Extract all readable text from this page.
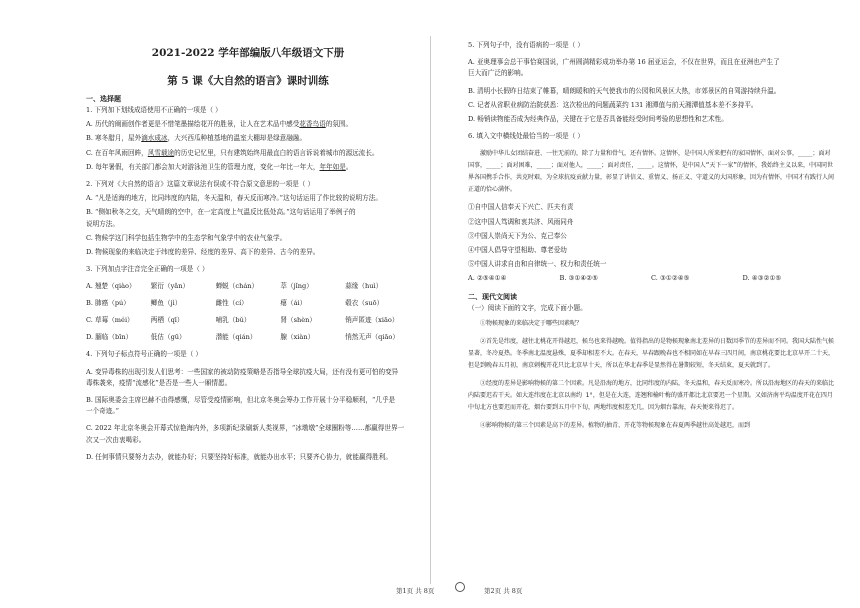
2021-2022 学年部编版八年级语文下册
第 5 课《大自然的语言》课时训练
一、选择题
1. 下列加下划线成语使用不正确的一项是（ ）
A. 历代的阐画创作者更是不惜笔墨描绘花开的胜景，让人在艺术品中感受花香鸟语的氛围。
B. 寒冬腊月，屋外滴水成冰，大兴西瓜种植基地的温室大棚却是绿意融融。
C. 在百年风雨回眸，风雪载途的历史记忆里，只有建筑始终用最直白的语言诉说着城市的源远流长。
D. 每年暑假，有关部门都会加大对游泳池卫生的管理力度，变化一年比一年大，年年如是。
2. 下列对《大自然的语言》这篇文章说法有误或不符合原文意思的一项是（ ）
A. “凡是适海的地方，比同纬度的内陆，冬天温和，春天反而寒冷。”这句话运用了作比较的说明方法。
B. “侧如秋冬之交，天气晴朗的空中，在一定高度上气温反比低处高。”这句话运用了举例子的
说明方法。
C. 物候学这门科学包括生物学中的生态学和气象学中的农业气象学。
D. 物候现象的来临决定于纬度的差异、经度的差异、高下的差异、古今的差异。
3. 下列加点字注音完全正确的一项是（ ）
A. 翘楚（qiào）	繁衍（yǎn）	蝉蜕（chán）	萃（jǐng）	蒜缘（huì）
B. 肺癌（pú）	鲫鱼（jì）	雌性（cí）	瘪（ái）	毂衣（suō）
C. 草莓（méi）	两栖（qī）	哺乳（bǔ）	肾（shèn）	销声匿迹（xiāo）
D. 腼临（bīn）	低估（gū）	潜能（qián）	腺（xiàn）	悄然无声（qiāo）
4. 下列句子标点符号正确的一项是（ ）
A. 变异毒株的出现引发人们思考：一些国家的被动防疫策略是否指导全球抗疫大局，还有没有更可怕的变异
毒株袭来，疫情“流感化”是否是一些人一厢情愿。
B. 国际奥委会主席巴赫不由得感慨，尽管受疫情影响，但北京冬奥会筹办工作开展十分平稳顺利，“几乎是
一个奇迹。”
C. 2022 年北京冬奥会开幕式惊艳海内外，多项新纪录刷新人类视界，“冰墩墩”全球圈粉等……都赢得世界一
次又一次由衷喝彩。
D. 任何事情只要努力去办，就能办好；只要坚持好标准，就能办出水平；只要齐心协力，就能赢得胜利。
5. 下列句子中，没有语病的一项是（ ）
A. 亚奥理事会总干事恰赛国说，广州圆满精彩成功举办第 16 届亚运会，不仅在世界，而且在亚洲也产生了
巨大而广泛的影响。
B. 清明小长假昨日结束了帷幕，晴朗暖和的天气使我市的公园和风景区大热，市郊景区的自驾游持续升温。
C. 记者从省职业病防治院获悉：这次检出的问题蔬菜约 131 湘潭值与前天湘潭值基本差不多持平。
D. 畅销读物能否成为经典作品，关键在于它是否具备能经受时间考验的思想性和艺术性。
6. 填入文中横线处最恰当的一项是（ ）
激励中华儿女团结奋进、一往无前的，除了力量和骨气，还有情怀。这情怀，是中国人所来把有的家国情怀，面对公事，____；面对国事，____；面对困难，____；面对他人，____；面对责任，____。这情怀，是中国人“天下一家”的情怀，我始终主义以来，中国同世界各国携手合作，共克时艰，为全球抗疫贡献力量，彰显了讲信义、重情义、扬正义、守道义的大国形象，因为有情怀，中国才有践行人间正道的恰心满怀。
①自中国人信奉天下兴亡、匹夫有责
②这中国人笃调和衷共济、风雨同舟
③中国人崇尚天下为公、克己奉公
④中国人倡导守望相助、尊老爱幼
⑤中国人讲求自由和自律统一、权力和责任统一
A. ②⑤④①④	B. ③①④②⑤	C. ③①②④⑤	D. ④③②①⑤
二、现代文阅读
（一）阅读下面的文字，完成下面小题。
①物候现象的来临决定于哪些因素呢？
②首先是纬度，越往北桃花开得越迟，候鸟也来得越晚。值得指出的是物候现象南北差异的日数因季节的差异而不同。我国大陆性气候显著，冬冷夏热。冬季南北温度悬殊，夏季却相差不大。在春天，早春跟晚春也不相同如在早春三四月间，南京桃花要比北京早开二十天，但是到晚春五月初，南京刺槐开花只比北京早十天，所以在华北春季是显然得在暑期较短，冬天结束，夏天就到了。
③经度的差异是影响物候的第二个因素。凡是沿海的地方，比同纬度的内陆，冬天温和，春天反而寒冷。所以沿海地区的春天的来临比内陆要迟若干天。如大连纬度在北京以南约 1°，但是在大连，连翘和榆叶梅的盛开都比北京要迟一个星期。又如济南平均温度开花在四月中旬北方也要迟而开花，烟台要到五月中下旬，两地纬度相差无几，因为烟台靠海，春天便来得迟了。
④影响物候的第三个因素是高下的差异。植物的抽青、开花等物候现象在春夏两季越往高处越迟，而到
第1页 共 8页	第2页 共 8页
